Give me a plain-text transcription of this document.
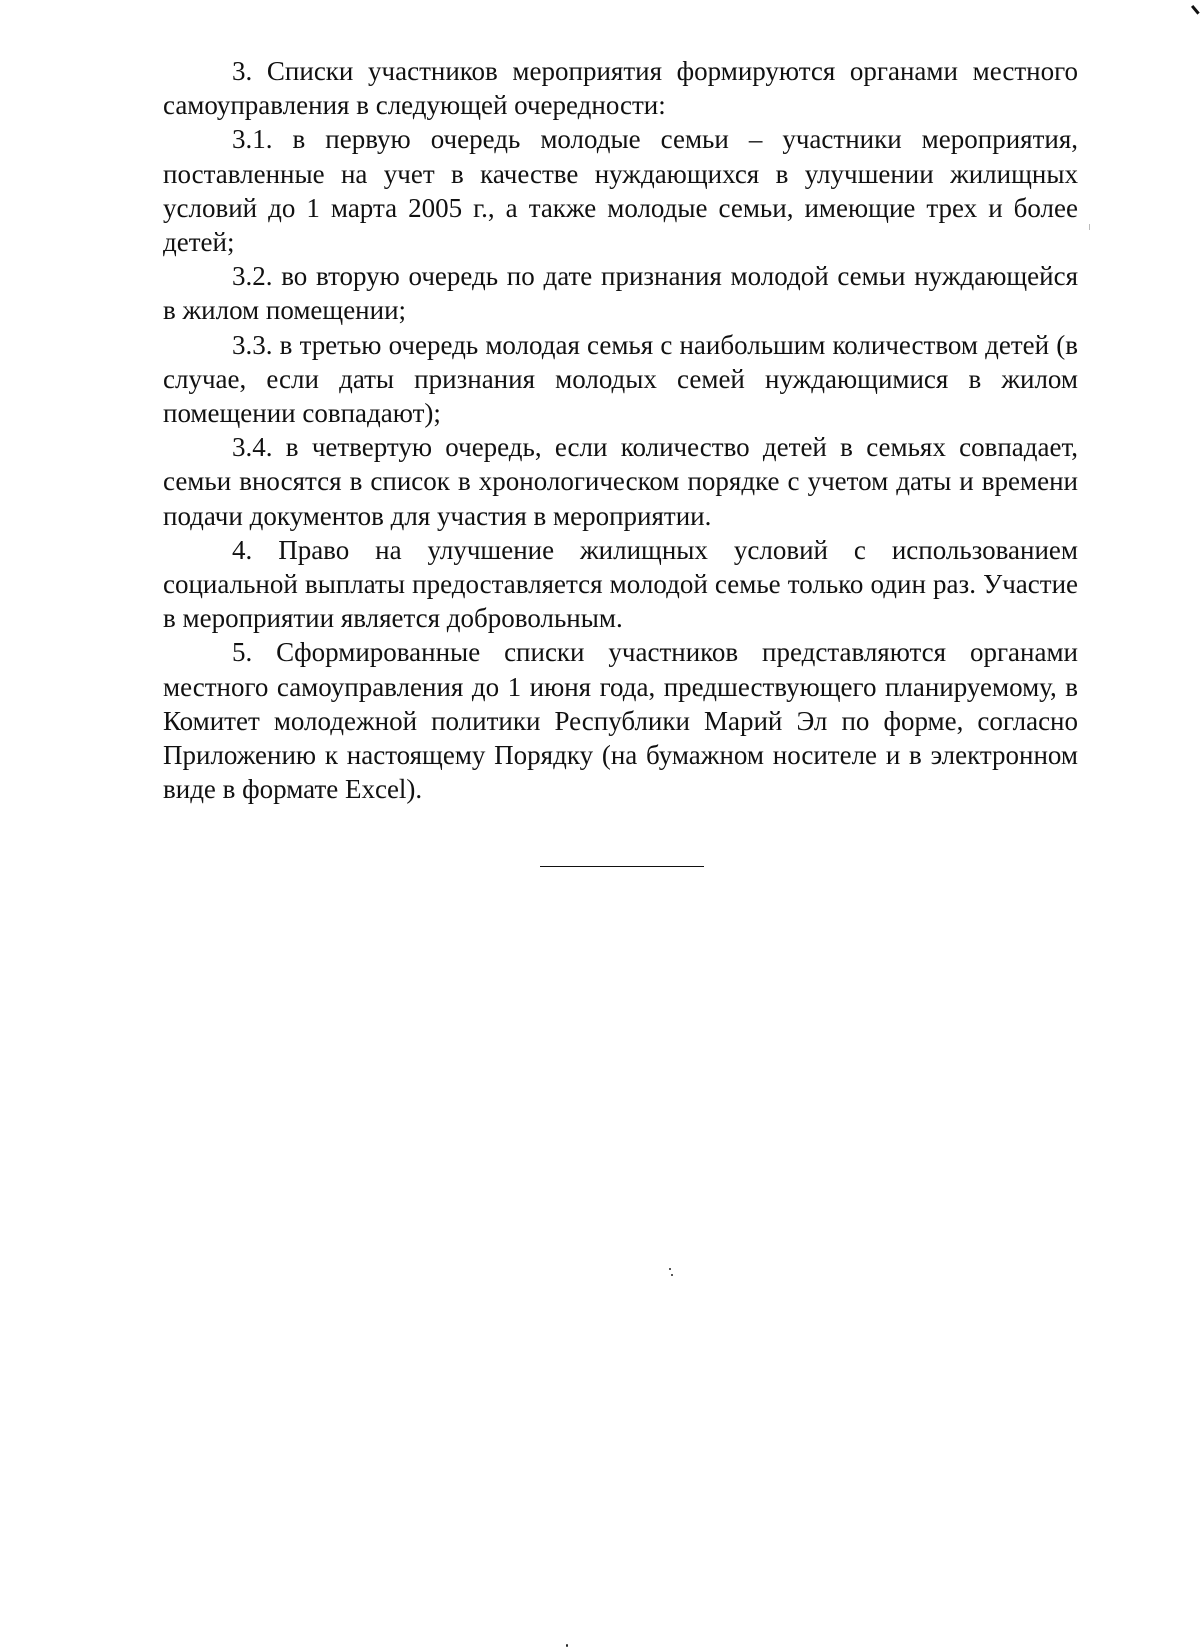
3. Списки участников мероприятия формируются органами местного самоуправления в следующей очередности:

3.1. в первую очередь молодые семьи – участники мероприятия, поставленные на учет в качестве нуждающихся в улучшении жилищных условий до 1 марта 2005 г., а также молодые семьи, имеющие трех и более детей;

3.2. во вторую очередь по дате признания молодой семьи нуждающейся в жилом помещении;

3.3. в третью очередь молодая семья с наибольшим количеством детей (в случае, если даты признания молодых семей нуждающимися в жилом помещении совпадают);

3.4. в четвертую очередь, если количество детей в семьях совпадает, семьи вносятся в список в хронологическом порядке с учетом даты и времени подачи документов для участия в мероприятии.

4. Право на улучшение жилищных условий с использованием социальной выплаты предоставляется молодой семье только один раз. Участие в мероприятии является добровольным.

5. Сформированные списки участников представляются органами местного самоуправления до 1 июня года, предшествующего планируемому, в Комитет молодежной политики Республики Марий Эл по форме, согласно Приложению к настоящему Порядку (на бумажном носителе и в электронном виде в формате Excel).
